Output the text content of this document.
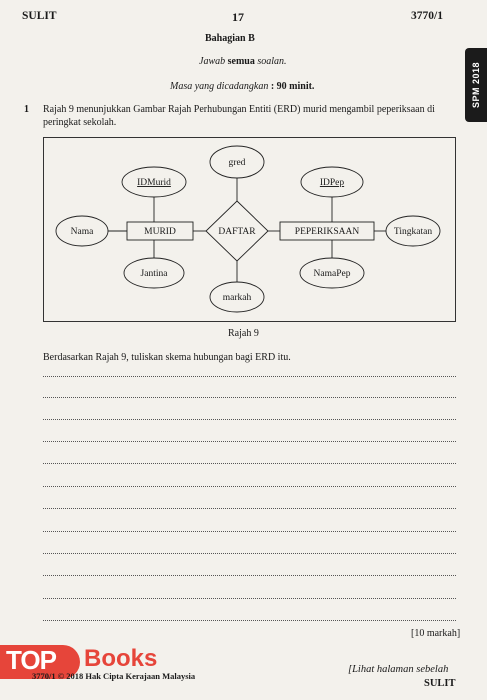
SULIT	17	3770/1
SPM 2018
Bahagian B
Jawab semua soalan.
Masa yang dicadangkan : 90 minit.
1 Rajah 9 menunjukkan Gambar Rajah Perhubungan Entiti (ERD) murid mengambil peperiksaan di peringkat sekolah.
IDMurid
Nama
Jantina
gred
markah
IDPep
Tingkatan
NamaPep
MURID	PEPERIKSAAN
DAFTAR
Rajah 9
Berdasarkan Rajah 9, tuliskan skema hubungan bagi ERD itu.
[10 markah]
TOP Books
3770/1 © 2018 Hak Cipta Kerajaan Malaysia
[Lihat halaman sebelah
SULIT
